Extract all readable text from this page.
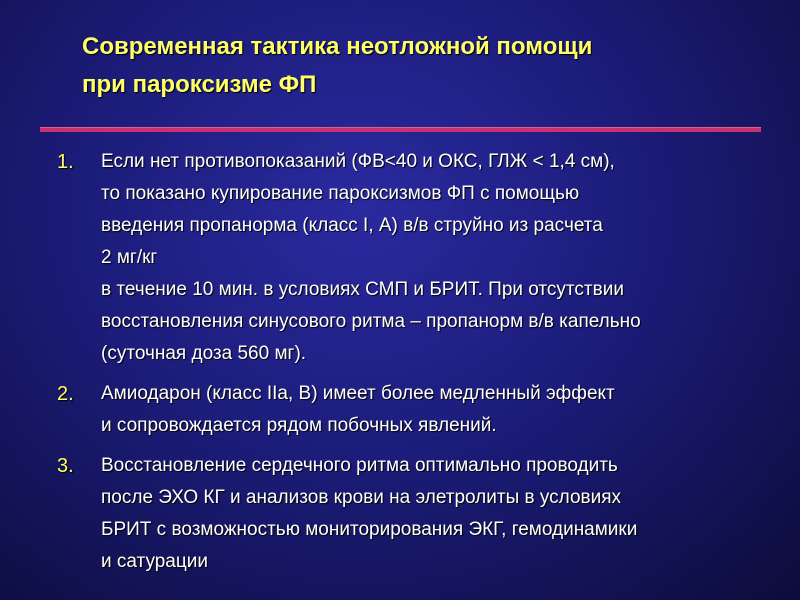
Современная тактика неотложной помощи
при пароксизме ФП
1. Если нет противопоказаний (ФВ<40 и ОКС, ГЛЖ < 1,4 см),
то показано купирование пароксизмов ФП с помощью
введения пропанорма (класс I, А) в/в струйно из расчета
2 мг/кг
в течение 10 мин. в условиях СМП и БРИТ. При отсутствии
восстановления синусового ритма – пропанорм в/в капельно
(суточная доза 560 мг).
2. Амиодарон (класс IIa, В) имеет более медленный эффект
и сопровождается рядом побочных явлений.
3. Восстановление сердечного ритма оптимально проводить
после ЭХО КГ и анализов крови на элетролиты в условиях
БРИТ с возможностью мониторирования ЭКГ, гемодинамики
и сатурации
